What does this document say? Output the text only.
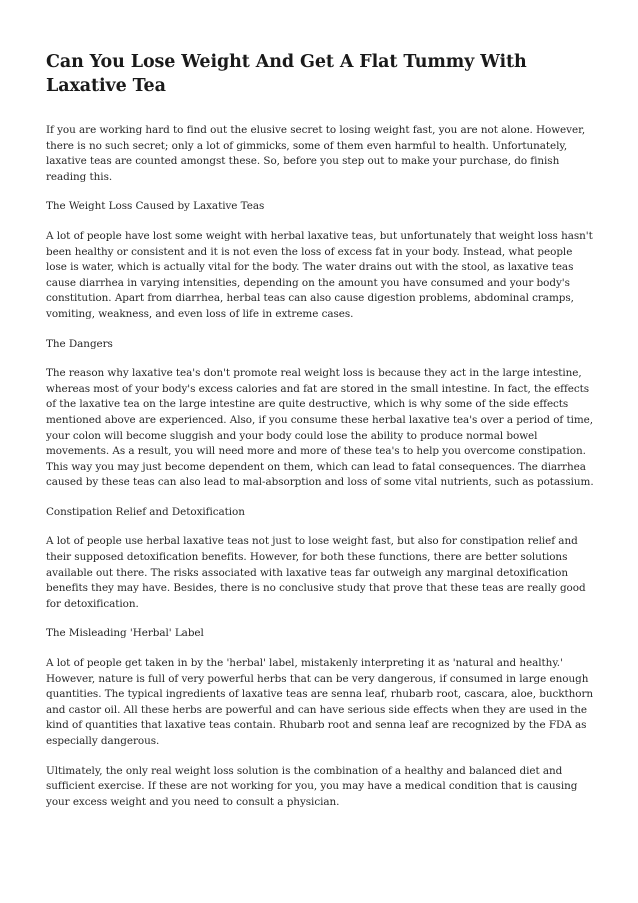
Can You Lose Weight And Get A Flat Tummy With Laxative Tea

If you are working hard to find out the elusive secret to losing weight fast, you are not alone. However, there is no such secret; only a lot of gimmicks, some of them even harmful to health. Unfortunately, laxative teas are counted amongst these. So, before you step out to make your purchase, do finish reading this.

The Weight Loss Caused by Laxative Teas

A lot of people have lost some weight with herbal laxative teas, but unfortunately that weight loss hasn't been healthy or consistent and it is not even the loss of excess fat in your body. Instead, what people lose is water, which is actually vital for the body. The water drains out with the stool, as laxative teas cause diarrhea in varying intensities, depending on the amount you have consumed and your body's constitution. Apart from diarrhea, herbal teas can also cause digestion problems, abdominal cramps, vomiting, weakness, and even loss of life in extreme cases.

The Dangers

The reason why laxative tea's don't promote real weight loss is because they act in the large intestine, whereas most of your body's excess calories and fat are stored in the small intestine. In fact, the effects of the laxative tea on the large intestine are quite destructive, which is why some of the side effects mentioned above are experienced. Also, if you consume these herbal laxative tea's over a period of time, your colon will become sluggish and your body could lose the ability to produce normal bowel movements. As a result, you will need more and more of these tea's to help you overcome constipation. This way you may just become dependent on them, which can lead to fatal consequences. The diarrhea caused by these teas can also lead to mal-absorption and loss of some vital nutrients, such as potassium.

Constipation Relief and Detoxification

A lot of people use herbal laxative teas not just to lose weight fast, but also for constipation relief and their supposed detoxification benefits. However, for both these functions, there are better solutions available out there. The risks associated with laxative teas far outweigh any marginal detoxification benefits they may have. Besides, there is no conclusive study that prove that these teas are really good for detoxification.

The Misleading 'Herbal' Label

A lot of people get taken in by the 'herbal' label, mistakenly interpreting it as 'natural and healthy.' However, nature is full of very powerful herbs that can be very dangerous, if consumed in large enough quantities. The typical ingredients of laxative teas are senna leaf, rhubarb root, cascara, aloe, buckthorn and castor oil. All these herbs are powerful and can have serious side effects when they are used in the kind of quantities that laxative teas contain. Rhubarb root and senna leaf are recognized by the FDA as especially dangerous.

Ultimately, the only real weight loss solution is the combination of a healthy and balanced diet and sufficient exercise. If these are not working for you, you may have a medical condition that is causing your excess weight and you need to consult a physician.
